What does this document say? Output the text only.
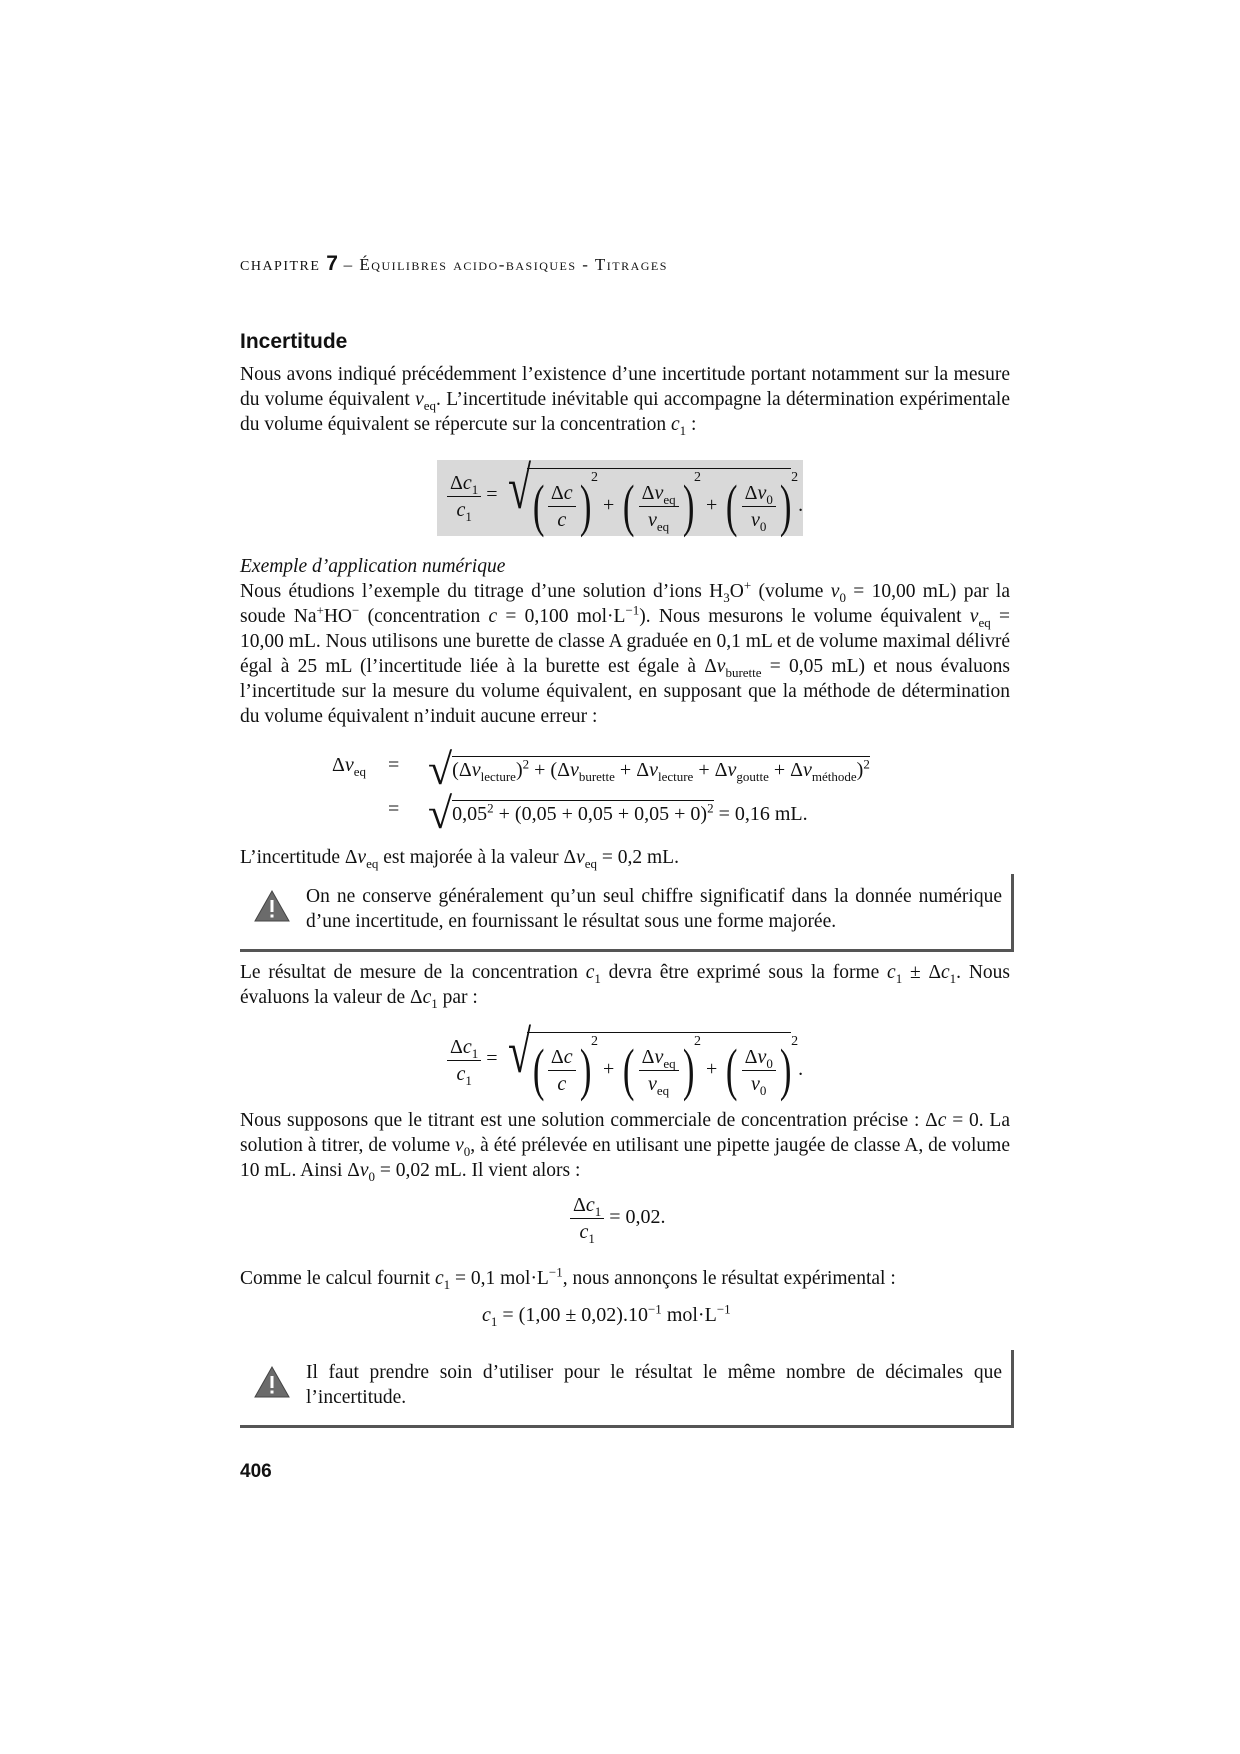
CHAPITRE 7 – Équilibres acido-basiques - Titrages
Incertitude
Nous avons indiqué précédemment l’existence d’une incertitude portant notamment sur la mesure du volume équivalent $v_{eq}$. L’incertitude inévitable qui accompagne la détermination expérimentale du volume équivalent se répercute sur la concentration $c_1$ :
$\frac{\Delta c_1}{c_1}$ = √ ( $\frac{\Delta c}{c} )^2$ + ( $\frac{\Delta v_{eq}}{v_{eq}} )^2$ + ( $\frac{\Delta v_0}{v_0} )^2$.
Exemple d’application numérique
Nous étudions l’exemple du titrage d’une solution d’ions $H_3O^+$ (volume $v_0 = 10,00$ mL) par la soude Na+HO− (concentration c = 0,100 $mol\cdot L^{-1}$). Nous mesurons le volume équivalent $v_{eq} = 10,00$ mL. Nous utilisons une burette de classe A graduée en 0,1 mL et de volume maximal délivré égal à 25 mL (l’incertitude liée à la burette est égale à $\Delta v_{burette} = 0,05$ mL) et nous évaluons l’incertitude sur la mesure du volume équivalent, en supposant que la méthode de détermination du volume équivalent n’induit aucune erreur :
$\Delta v_{eq} = √(\Delta v_{lecture})^2 + (\Delta v_{burette} + \Delta v_{lecture} + \Delta v_{goutte} + \Delta v_{méthode})^2$
= $√0,05^2 + (0,05 + 0,05 + 0,05 + 0)^2 = 0,16$ mL.
L’incertitude $\Delta v_{eq}$ est majorée à la valeur $\Delta v_{eq} = 0,2$ mL.
On ne conserve généralement qu’un seul chiffre significatif dans la donnée numérique d’une incertitude, en fournissant le résultat sous une forme majorée.
Le résultat de mesure de la concentration $c_1$ devra être exprimé sous la forme $c_1 \pm \Delta c_1$. Nous évaluons la valeur de $\Delta c_1$ par :
$\frac{\Delta c_1}{c_1}$ = √ ( $\frac{\Delta c}{c} )^2$ + ( $\frac{\Delta v_{eq}}{v_{eq}} )^2$ + ( $\frac{\Delta v_0}{v_0} )^2$.
Nous supposons que le titrant est une solution commerciale de concentration précise : Δc = 0. La solution à titrer, de volume $v_0$, à été prélevée en utilisant une pipette jaugée de classe A, de volume 10 mL. Ainsi $\Delta v_0 = 0,02$ mL. Il vient alors :
$\frac{\Delta c_1}{c_1} = 0,02$.
Comme le calcul fournit $c_1 = 0,1$ $mol\cdot L^{-1}$, nous annonçons le résultat expérimental :
$c_1 = (1,00 \pm 0,02).10^{-1}$ $mol\cdot L^{-1}$
Il faut prendre soin d’utiliser pour le résultat le même nombre de décimales que l’incertitude.
406
